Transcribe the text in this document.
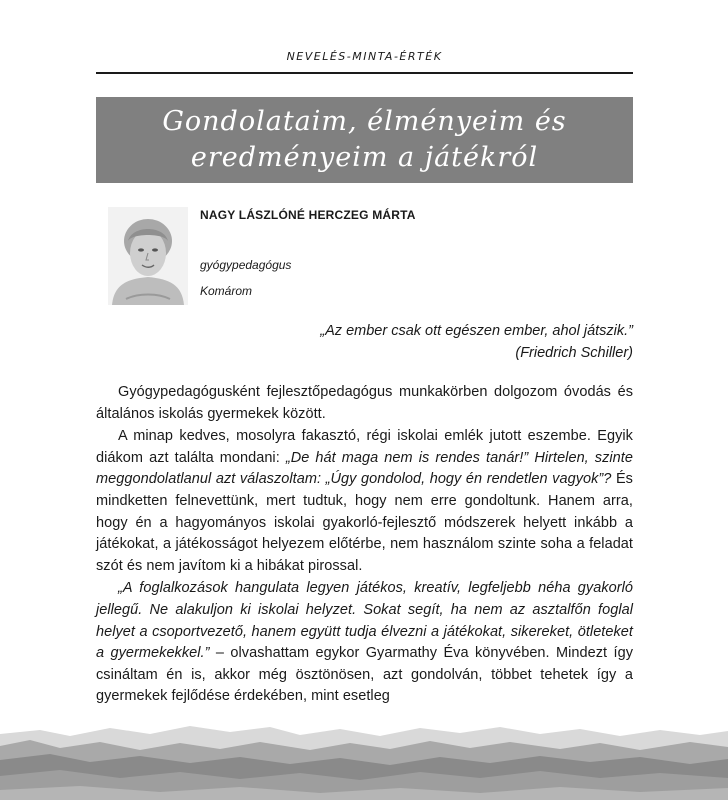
NEVELÉS-MINTA-ÉRTÉK
Gondolataim, élményeim és
eredményeim a játékról
NAGY LÁSZLÓNÉ HERCZEG MÁRTA
gyógypedagógus
Komárom
„Az ember csak ott egészen ember, ahol játszik.”
(Friedrich Schiller)

Gyógypedagógusként fejlesztőpedagógus munkakörben dolgozom óvodás és általános iskolás gyermekek között.

A minap kedves, mosolyra fakasztó, régi iskolai emlék jutott eszembe. Egyik diákom azt találta mondani: „De hát maga nem is rendes tanár!” Hirtelen, szinte meggondolatlanul azt válaszoltam: „Úgy gondolod, hogy én rendetlen vagyok”? És mindketten felnevettünk, mert tudtuk, hogy nem erre gondoltunk. Hanem arra, hogy én a hagyományos iskolai gyakorló-fejlesztő módszerek helyett inkább a játékokat, a játékosságot helyezem előtérbe, nem használom szinte soha a feladat szót és nem javítom ki a hibákat pirossal.

„A foglalkozások hangulata legyen játékos, kreatív, legfeljebb néha gyakorló jellegű. Ne alakuljon ki iskolai helyzet. Sokat segít, ha nem az asztalfőn foglal helyet a csoportvezető, hanem együtt tudja élvezni a játékokat, sikereket, ötleteket a gyermekekkel.” – olvashattam egykor Gyarmathy Éva könyvében. Mindezt így csináltam én is, akkor még ösztönösen, azt gondolván, többet tehetek így a gyermekek fejlődése érdekében, mint esetleg
